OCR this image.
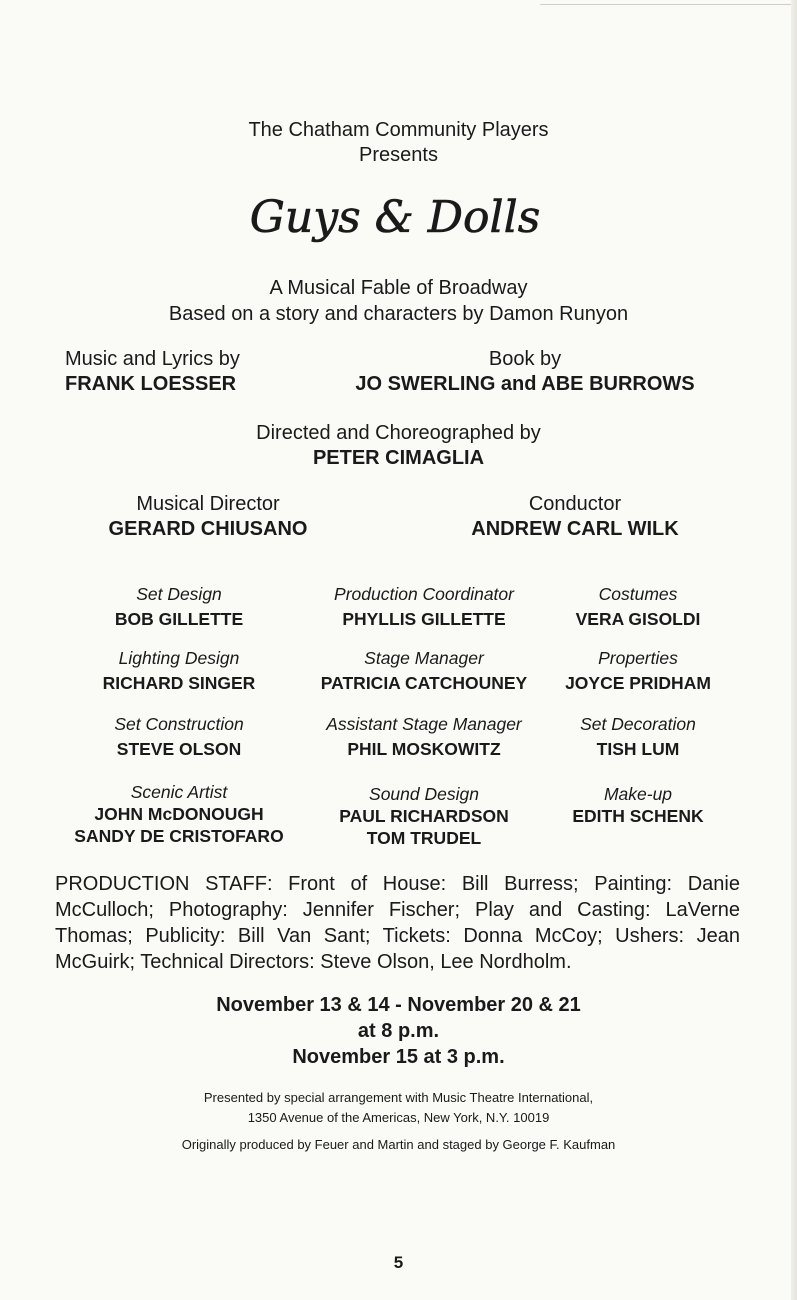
The Chatham Community Players
Presents
Guys & Dolls
A Musical Fable of Broadway
Based on a story and characters by Damon Runyon
Music and Lyrics by
FRANK LOESSER
Book by
JO SWERLING and ABE BURROWS
Directed and Choreographed by
PETER CIMAGLIA
Musical Director
GERARD CHIUSANO
Conductor
ANDREW CARL WILK
Set Design
BOB GILLETTE
Production Coordinator
PHYLLIS GILLETTE
Costumes
VERA GISOLDI
Lighting Design
RICHARD SINGER
Stage Manager
PATRICIA CATCHOUNEY
Properties
JOYCE PRIDHAM
Set Construction
STEVE OLSON
Assistant Stage Manager
PHIL MOSKOWITZ
Set Decoration
TISH LUM
Scenic Artist
JOHN McDONOUGH
SANDY DE CRISTOFARO
Sound Design
PAUL RICHARDSON
TOM TRUDEL
Make-up
EDITH SCHENK
PRODUCTION STAFF: Front of House: Bill Burress; Painting: Danie McCulloch; Photography: Jennifer Fischer; Play and Casting: LaVerne Thomas; Publicity: Bill Van Sant; Tickets: Donna McCoy; Ushers: Jean McGuirk; Technical Directors: Steve Olson, Lee Nordholm.
November 13 & 14 - November 20 & 21
at 8 p.m.
November 15 at 3 p.m.
Presented by special arrangement with Music Theatre International,
1350 Avenue of the Americas, New York, N.Y. 10019
Originally produced by Feuer and Martin and staged by George F. Kaufman
5
